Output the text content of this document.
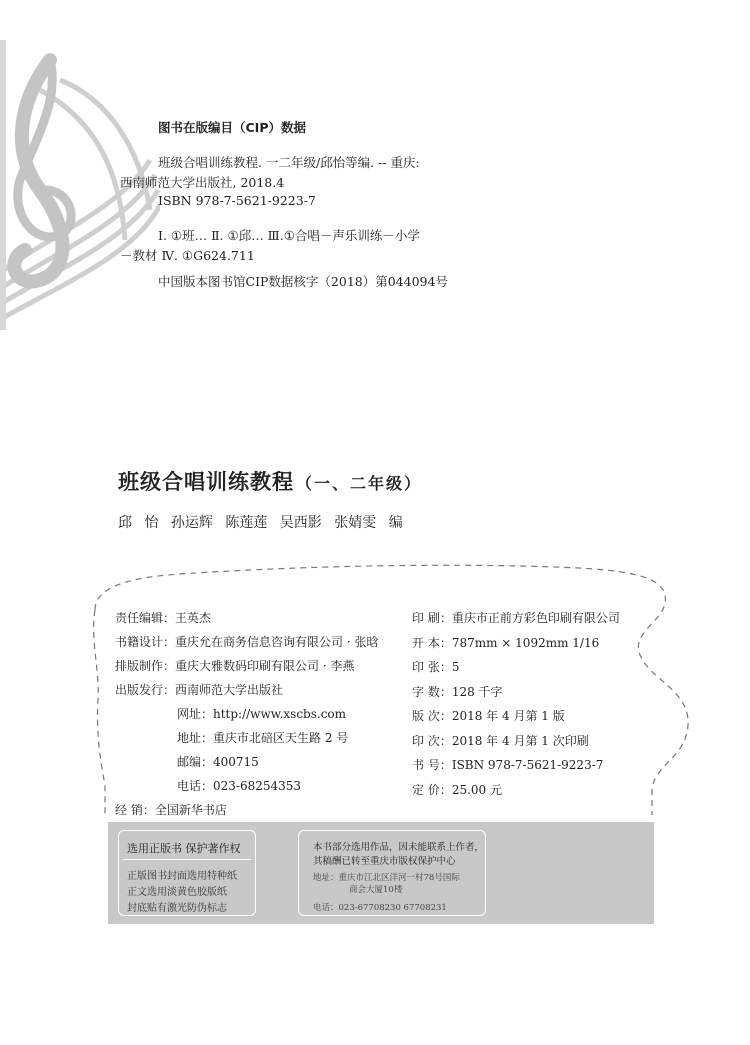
图书在版编目（CIP）数据
班级合唱训练教程. 一二年级/邱怡等编. -- 重庆:
西南师范大学出版社, 2018.4
ISBN 978-7-5621-9223-7
Ⅰ. ①班… Ⅱ. ①邱… Ⅲ.①合唱－声乐训练－小学
－教材 Ⅳ. ①G624.711
中国版本图书馆CIP数据核字（2018）第044094号
班级合唱训练教程 （一、二年级）
邱 怡 孙运辉 陈莲莲 吴西影 张婧雯 编
责任编辑：王英杰
书籍设计：重庆允在商务信息咨询有限公司 · 张晗
排版制作：重庆大雅数码印刷有限公司 · 李燕
出版发行：西南师范大学出版社
网址：http://www.xscbs.com
地址：重庆市北碚区天生路 2 号
邮编：400715
电话：023-68254353
经 销：全国新华书店
印 刷：重庆市正前方彩色印刷有限公司
开 本：787mm × 1092mm 1/16
印 张：5
字 数：128 千字
版 次：2018 年 4 月第 1 版
印 次：2018 年 4 月第 1 次印刷
书 号：ISBN 978-7-5621-9223-7
定 价：25.00 元
选用正版书 保护著作权
正版图书封面选用特种纸
正文选用淡黄色胶版纸
封底贴有激光防伪标志
本书部分选用作品，因未能联系上作者，
其稿酬已转至重庆市版权保护中心
地址：重庆市江北区洋河一村78号国际
商会大厦10楼
电话：023-67708230 67708231
